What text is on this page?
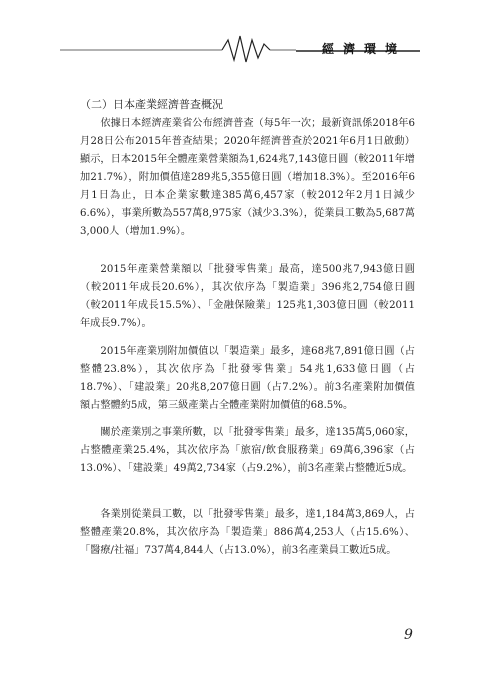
經濟環境
（二）日本產業經濟普查概況

依據日本經濟產業省公布經濟普查（每5年一次；最新資訊係2018年6月28日公布2015年普查結果；2020年經濟普查於2021年6月1日啟動）顯示，日本2015年全體產業營業額為1,624兆7,143億日圓（較2011年增加21.7%），附加價值達289兆5,355億日圓（增加18.3%）。至2016年6月1日為止，日本企業家數達385萬6,457家（較2012年2月1日減少6.6%），事業所數為557萬8,975家（減少3.3%），從業員工數為5,687萬3,000人（增加1.9%）。

2015年產業營業額以「批發零售業」最高，達500兆7,943億日圓（較2011年成長20.6%），其次依序為「製造業」396兆2,754億日圓（較2011年成長15.5%）、「金融保險業」125兆1,303億日圓（較2011年成長9.7%）。

2015年產業別附加價值以「製造業」最多，達68兆7,891億日圓（占整體23.8%），其次依序為「批發零售業」54兆1,633億日圓（占18.7%）、「建設業」20兆8,207億日圓（占7.2%）。前3名產業附加價值額占整體約5成，第三級產業占全體產業附加價值的68.5%。

關於產業別之事業所數，以「批發零售業」最多，達135萬5,060家，占整體產業25.4%，其次依序為「旅宿/飲食服務業」69萬6,396家（占13.0%）、「建設業」49萬2,734家（占9.2%），前3名產業占整體近5成。

各業別從業員工數，以「批發零售業」最多，達1,184萬3,869人，占整體產業20.8%，其次依序為「製造業」886萬4,253人（占15.6%）、「醫療/社福」737萬4,844人（占13.0%），前3名產業員工數近5成。

9
